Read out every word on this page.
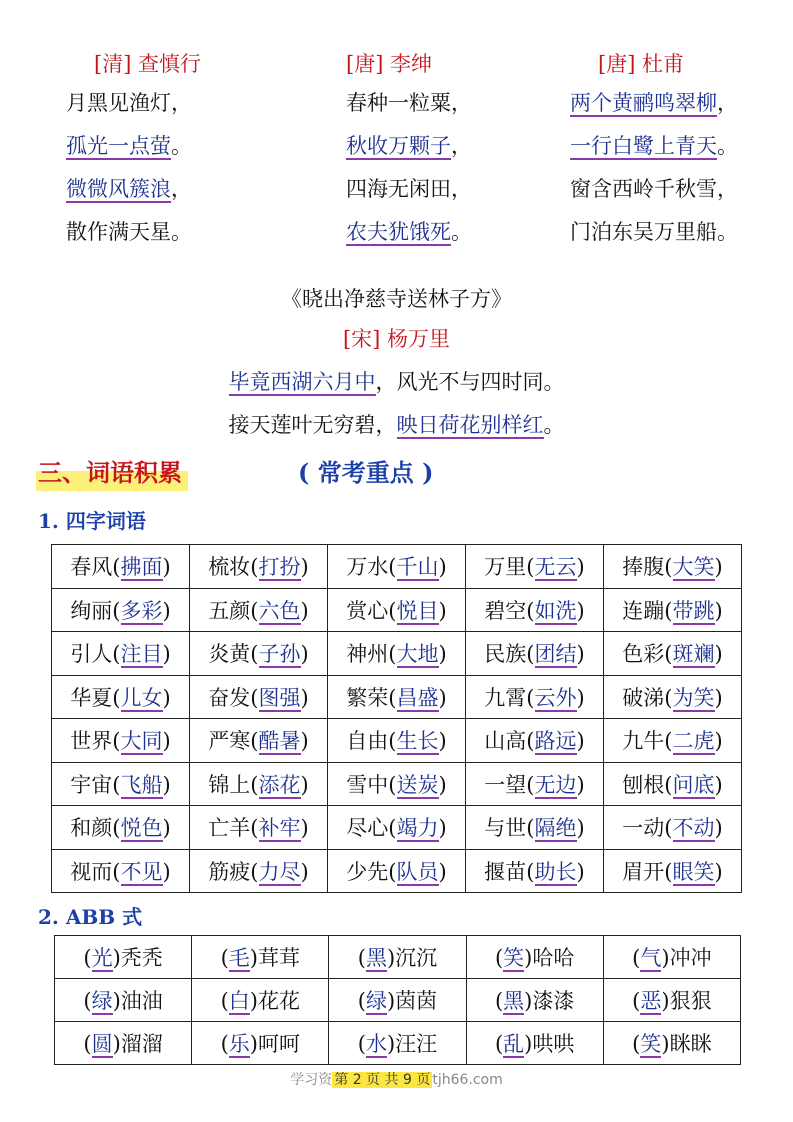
[清] 查慎行
月黑见渔灯，
孤光一点萤。
微微风簇浪，
散作满天星。
[唐] 李绅
春种一粒粟，
秋收万颗子，
四海无闲田，
农夫犹饿死。
[唐] 杜甫
两个黄鹂鸣翠柳，
一行白鹭上青天。
窗含西岭千秋雪，
门泊东吴万里船。
《晓出净慈寺送林子方》
[宋] 杨万里
毕竟西湖六月中，风光不与四时同。
接天莲叶无穷碧，映日荷花别样红。
三、词语积累	( 常考重点 )
1. 四字词语
春风(拂面)	梳妆(打扮)	万水(千山)	万里(无云)	捧腹(大笑)
绚丽(多彩)	五颜(六色)	赏心(悦目)	碧空(如洗)	连蹦(带跳)
引人(注目)	炎黄(子孙)	神州(大地)	民族(团结)	色彩(斑斓)
华夏(儿女)	奋发(图强)	繁荣(昌盛)	九霄(云外)	破涕(为笑)
世界(大同)	严寒(酷暑)	自由(生长)	山高(路远)	九牛(二虎)
宇宙(飞船)	锦上(添花)	雪中(送炭)	一望(无边)	刨根(问底)
和颜(悦色)	亡羊(补牢)	尽心(竭力)	与世(隔绝)	一动(不动)
视而(不见)	筋疲(力尽)	少先(队员)	揠苗(助长)	眉开(眼笑)
2. ABB 式
(光)秃秃	(毛)茸茸	(黑)沉沉	(笑)哈哈	(气)冲冲
(绿)油油	(白)花花	(绿)茵茵	(黑)漆漆	(恶)狠狠
(圆)溜溜	(乐)呵呵	(水)汪汪	(乱)哄哄	(笑)眯眯
学习资 第 2 页 共 9 页 tjh66.com
